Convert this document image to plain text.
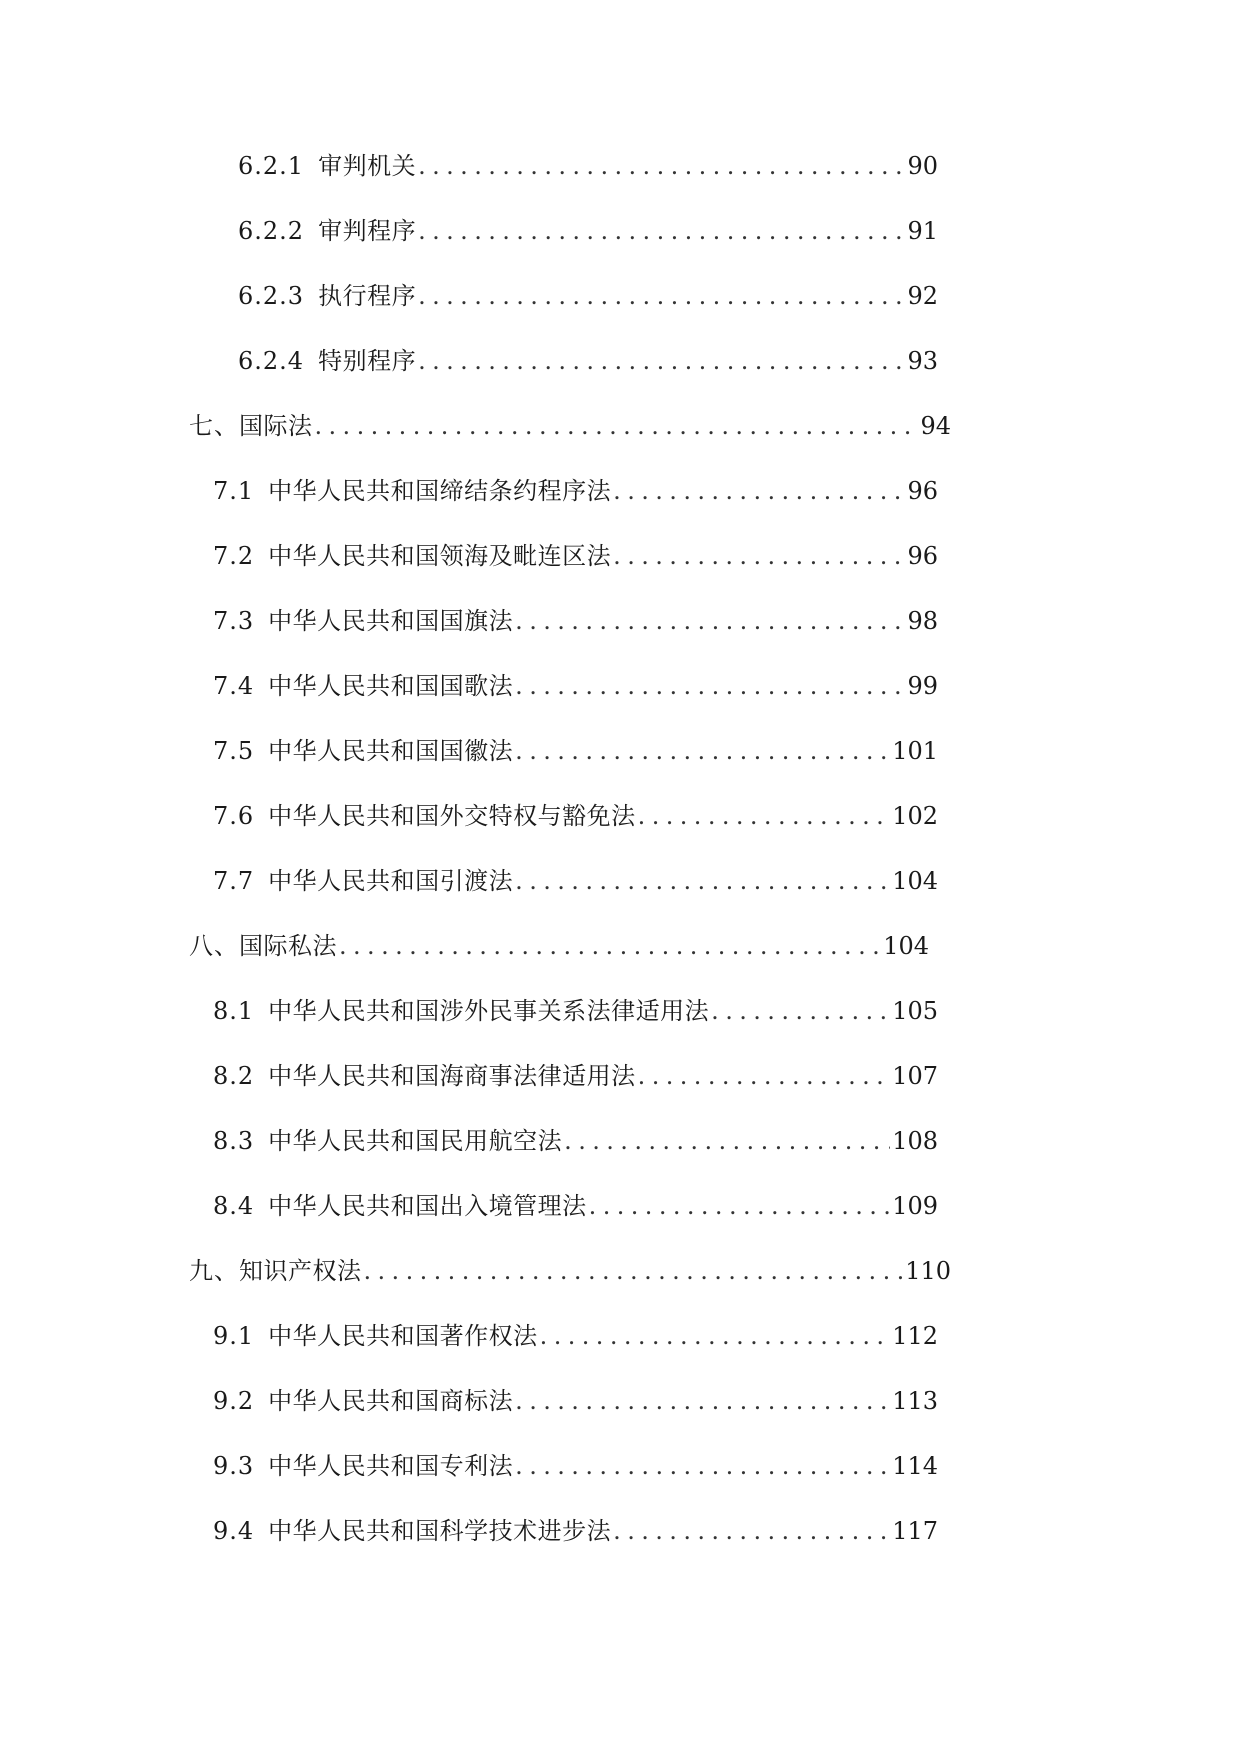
6.2.1 审判机关 .....	90
6.2.2 审判程序 .....	91
6.2.3 执行程序 .....	92
6.2.4 特别程序 .....	93
七、国际法 .....	94
7.1 中华人民共和国缔结条约程序法 .....	96
7.2 中华人民共和国领海及毗连区法 .....	96
7.3 中华人民共和国国旗法 .....	98
7.4 中华人民共和国国歌法 .....	99
7.5 中华人民共和国国徽法 .....	101
7.6 中华人民共和国外交特权与豁免法 .....	102
7.7 中华人民共和国引渡法 .....	104
八、国际私法 .....	104
8.1 中华人民共和国涉外民事关系法律适用法 .....	105
8.2 中华人民共和国海商事法律适用法 .....	107
8.3 中华人民共和国民用航空法 .....	108
8.4 中华人民共和国出入境管理法 .....	109
九、知识产权法 .....	110
9.1 中华人民共和国著作权法 .....	112
9.2 中华人民共和国商标法 .....	113
9.3 中华人民共和国专利法 .....	114
9.4 中华人民共和国科学技术进步法 .....	117
